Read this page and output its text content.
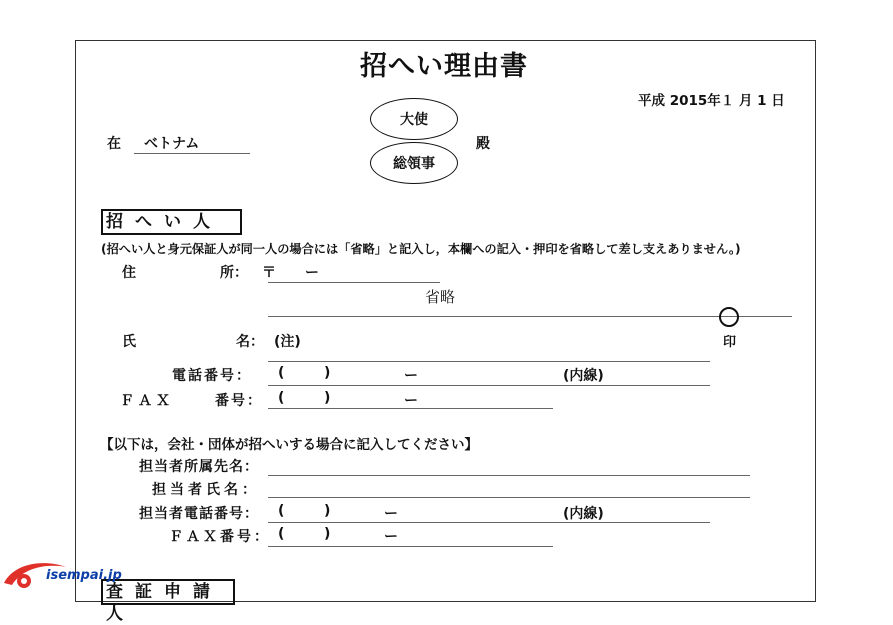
招へい理由書
平成 2015年１ 月 1 日
在 ベトナム
大使
総領事
殿
招へい人
(招へい人と身元保証人が同一人の場合には「省略」と記入し，本欄への記入・押印を省略して差し支えありません。)
住	所： 〒 ー
省略
印
氏	名： (注)
電話番号： (	)	ー	(内線)
ＦＡＸ	番号： (	)	ー
【以下は，会社・団体が招へいする場合に記入してください】
担当者所属先名：
担当者氏名：
担当者電話番号： (	)	ー	(内線)
ＦＡＸ番号： (	)	ー
査証申請人
isempai.jp
